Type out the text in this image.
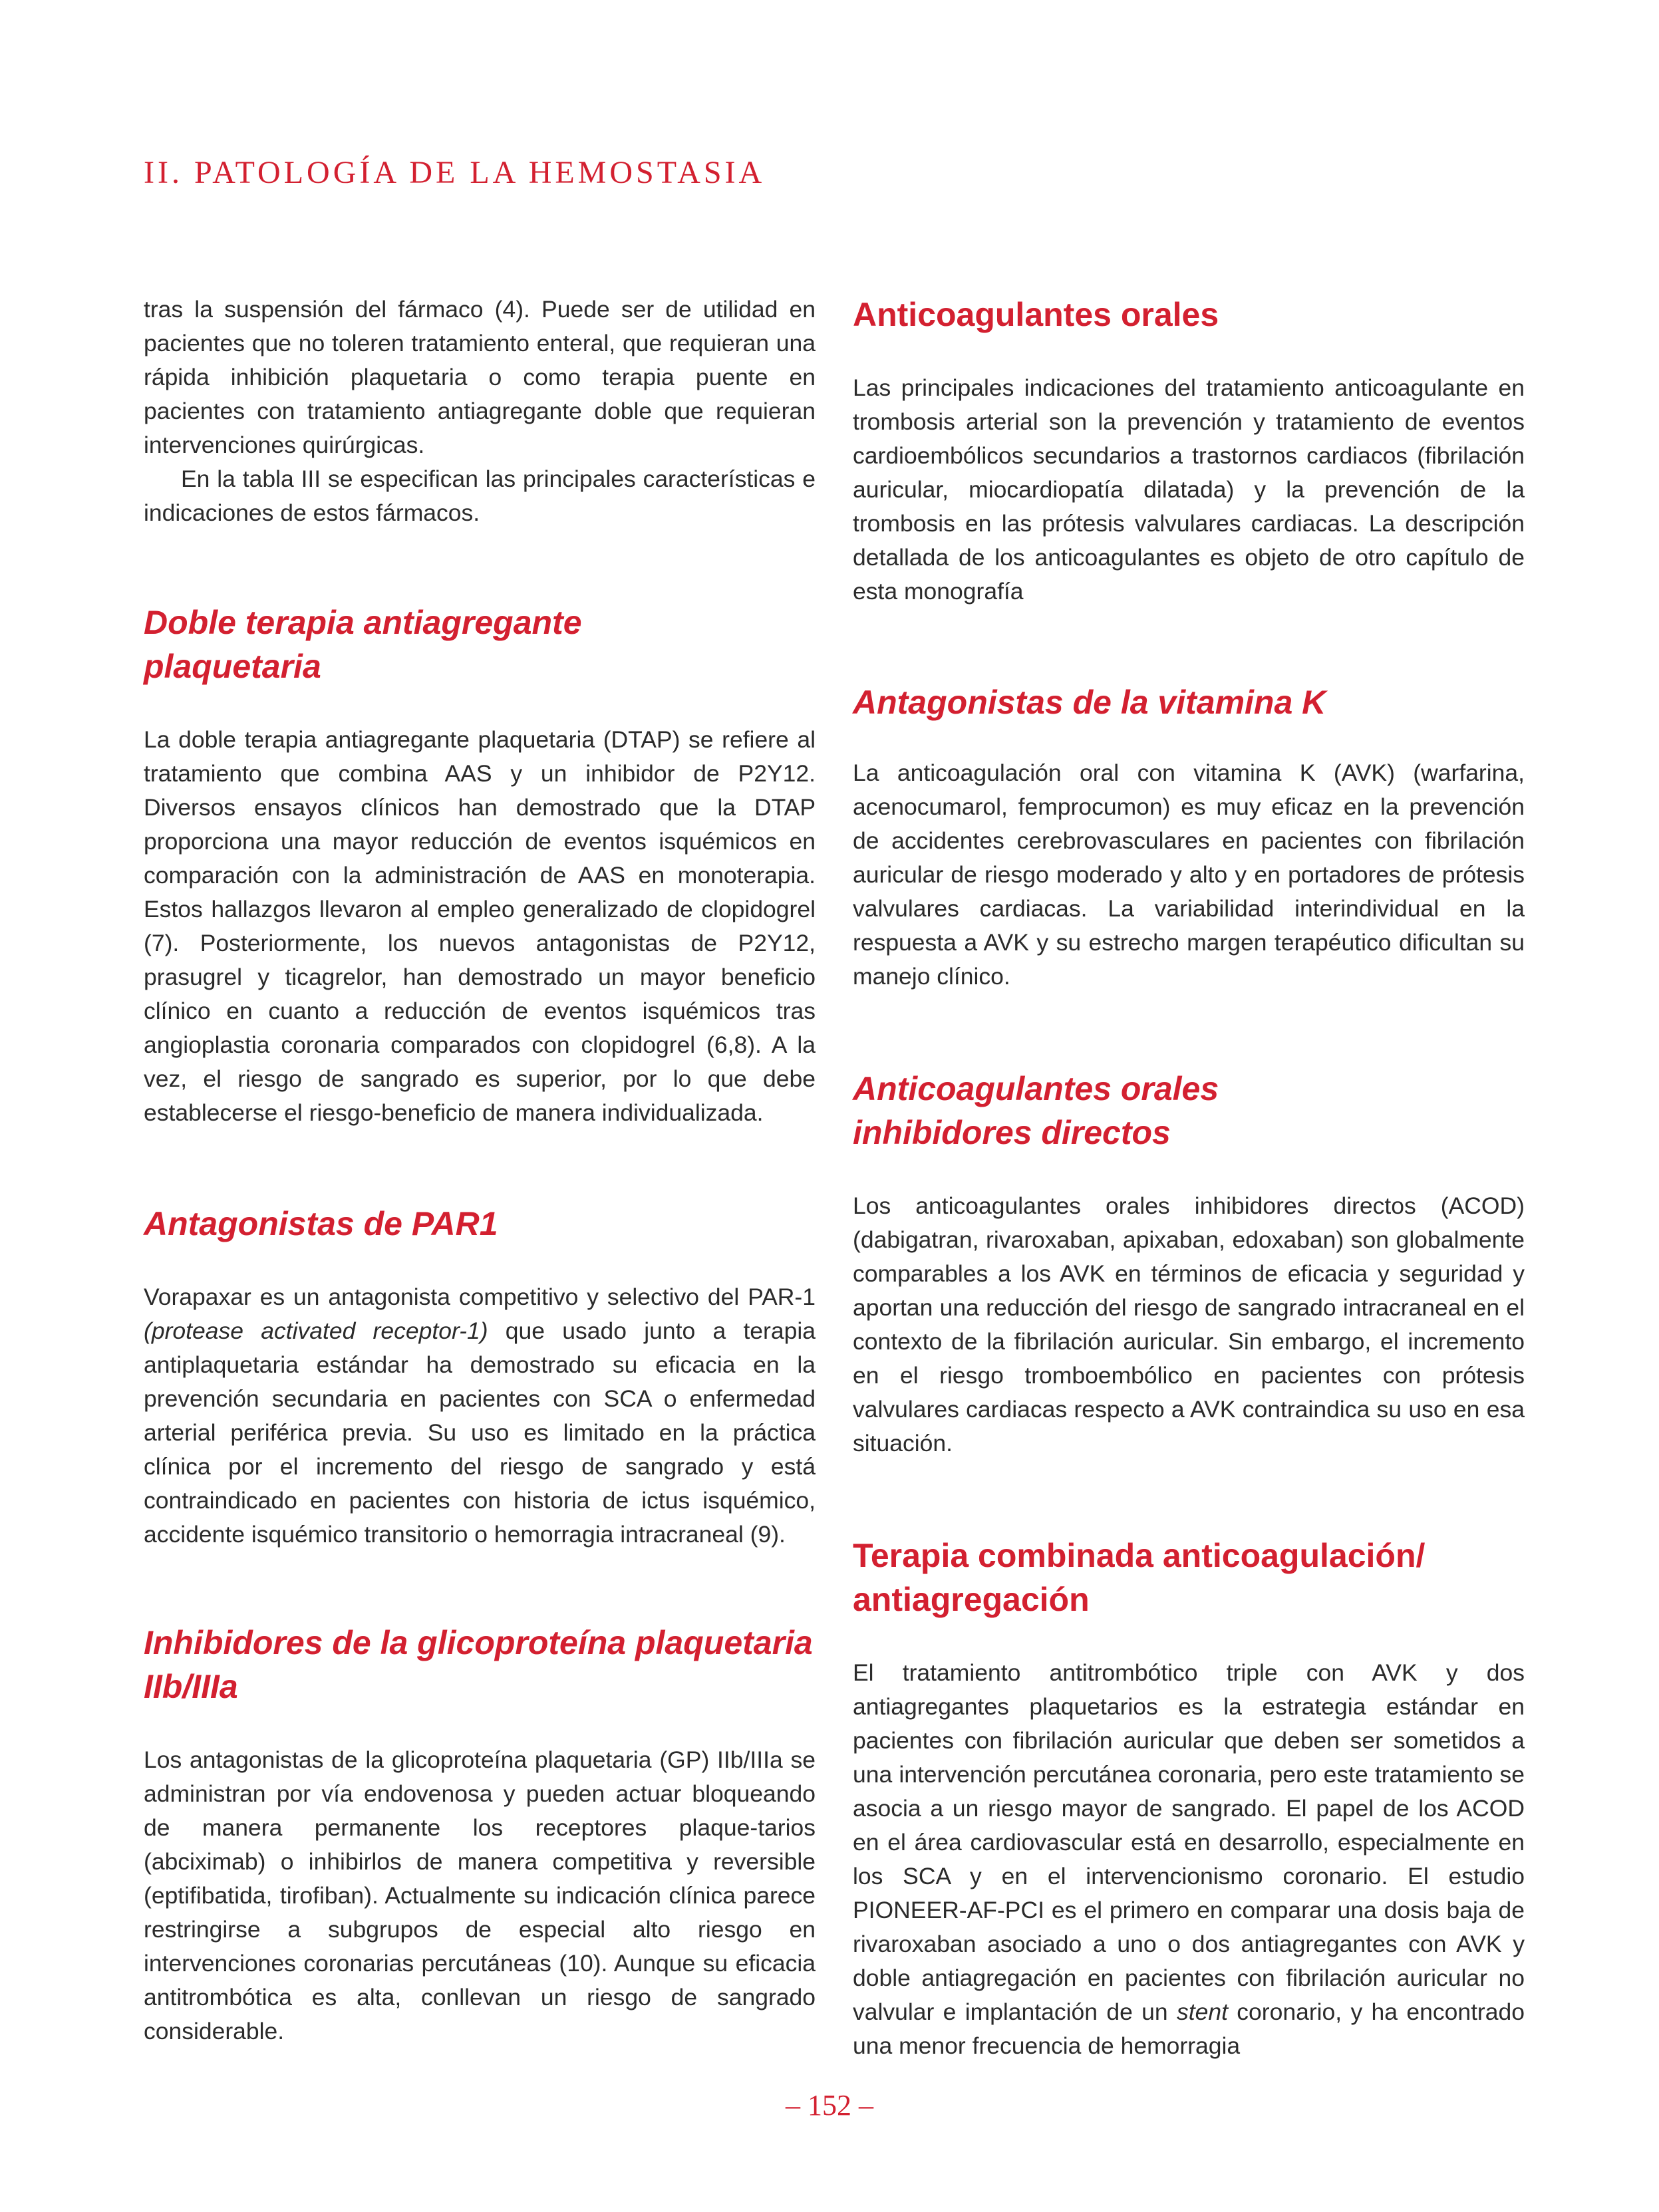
II. PATOLOGÍA DE LA HEMOSTASIA

tras la suspensión del fármaco (4). Puede ser de utilidad en pacientes que no toleren tratamiento enteral, que requieran una rápida inhibición plaquetaria o como terapia puente en pacientes con tratamiento antiagregante doble que requieran intervenciones quirúrgicas.

En la tabla III se especifican las principales características e indicaciones de estos fármacos.

Doble terapia antiagregante plaquetaria

La doble terapia antiagregante plaquetaria (DTAP) se refiere al tratamiento que combina AAS y un inhibidor de P2Y12. Diversos ensayos clínicos han demostrado que la DTAP proporciona una mayor reducción de eventos isquémicos en comparación con la administración de AAS en monoterapia. Estos hallazgos llevaron al empleo generalizado de clopidogrel (7). Posteriormente, los nuevos antagonistas de P2Y12, prasugrel y ticagrelor, han demostrado un mayor beneficio clínico en cuanto a reducción de eventos isquémicos tras angioplastia coronaria comparados con clopidogrel (6,8). A la vez, el riesgo de sangrado es superior, por lo que debe establecerse el riesgo-beneficio de manera individualizada.

Antagonistas de PAR1

Vorapaxar es un antagonista competitivo y selectivo del PAR-1 (protease activated receptor-1) que usado junto a terapia antiplaquetaria estándar ha demostrado su eficacia en la prevención secundaria en pacientes con SCA o enfermedad arterial periférica previa. Su uso es limitado en la práctica clínica por el incremento del riesgo de sangrado y está contraindicado en pacientes con historia de ictus isquémico, accidente isquémico transitorio o hemorragia intracraneal (9).

Inhibidores de la glicoproteína plaquetaria IIb/IIIa

Los antagonistas de la glicoproteína plaquetaria (GP) IIb/IIIa se administran por vía endovenosa y pueden actuar bloqueando de manera permanente los receptores plaque-tarios (abciximab) o inhibirlos de manera competitiva y reversible (eptifibatida, tirofiban). Actualmente su indicación clínica parece restringirse a subgrupos de especial alto riesgo en intervenciones coronarias percutáneas (10). Aunque su eficacia antitrombótica es alta, conllevan un riesgo de sangrado considerable.

Anticoagulantes orales

Las principales indicaciones del tratamiento anticoagulante en trombosis arterial son la prevención y tratamiento de eventos cardioembólicos secundarios a trastornos cardiacos (fibrilación auricular, miocardiopatía dilatada) y la prevención de la trombosis en las prótesis valvulares cardiacas. La descripción detallada de los anticoagulantes es objeto de otro capítulo de esta monografía

Antagonistas de la vitamina K

La anticoagulación oral con vitamina K (AVK) (warfarina, acenocumarol, femprocumon) es muy eficaz en la prevención de accidentes cerebrovasculares en pacientes con fibrilación auricular de riesgo moderado y alto y en portadores de prótesis valvulares cardiacas. La variabilidad interindividual en la respuesta a AVK y su estrecho margen terapéutico dificultan su manejo clínico.

Anticoagulantes orales inhibidores directos

Los anticoagulantes orales inhibidores directos (ACOD) (dabigatran, rivaroxaban, apixaban, edoxaban) son globalmente comparables a los AVK en términos de eficacia y seguridad y aportan una reducción del riesgo de sangrado intracraneal en el contexto de la fibrilación auricular. Sin embargo, el incremento en el riesgo tromboembólico en pacientes con prótesis valvulares cardiacas respecto a AVK contraindica su uso en esa situación.

Terapia combinada anticoagulación/ antiagregación

El tratamiento antitrombótico triple con AVK y dos antiagregantes plaquetarios es la estrategia estándar en pacientes con fibrilación auricular que deben ser sometidos a una intervención percutánea coronaria, pero este tratamiento se asocia a un riesgo mayor de sangrado. El papel de los ACOD en el área cardiovascular está en desarrollo, especialmente en los SCA y en el intervencionismo coronario. El estudio PIONEER-AF-PCI es el primero en comparar una dosis baja de rivaroxaban asociado a uno o dos antiagregantes con AVK y doble antiagregación en pacientes con fibrilación auricular no valvular e implantación de un stent coronario, y ha encontrado una menor frecuencia de hemorragia

– 152 –
